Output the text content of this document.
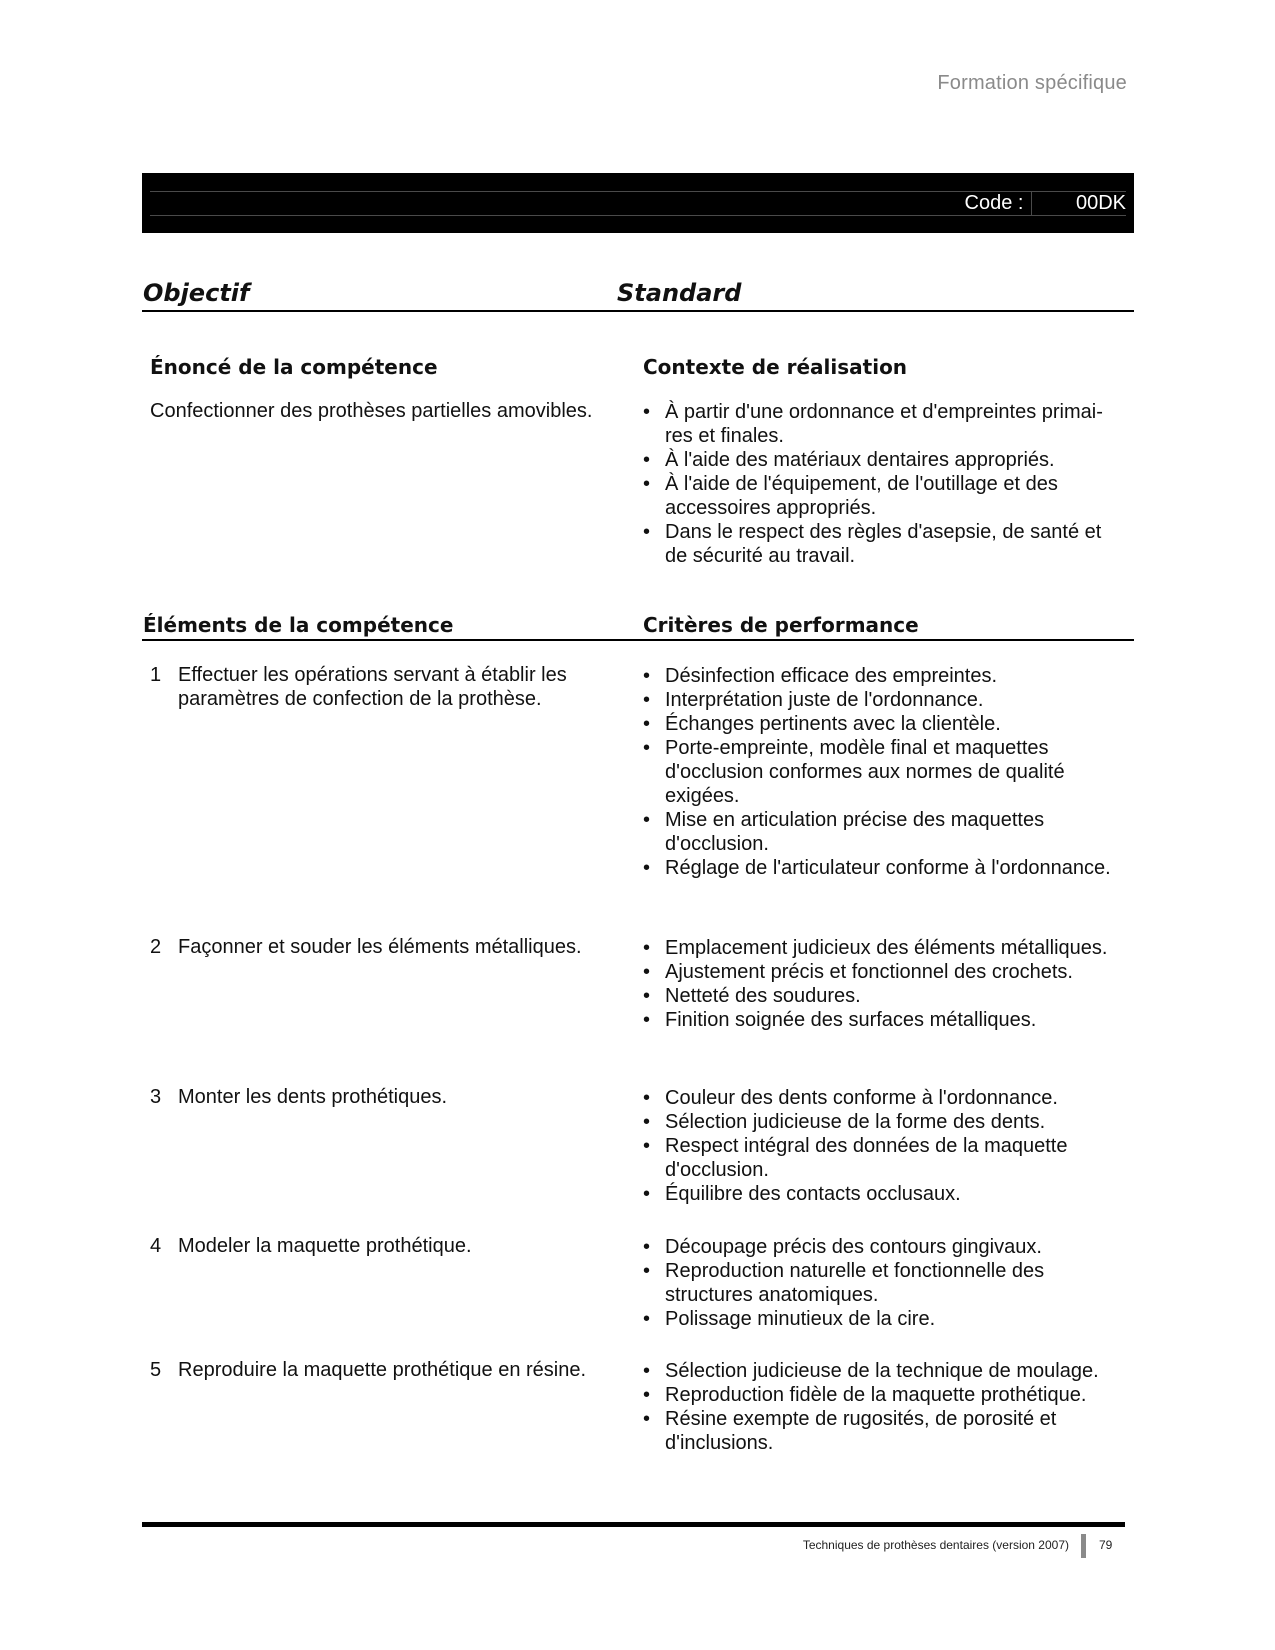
Formation spécifique
Code :	00DK
Objectif	Standard
Énoncé de la compétence	Contexte de réalisation
Confectionner des prothèses partielles amovibles.	• À partir d'une ordonnance et d'empreintes primai-res et finales.
• À l'aide des matériaux dentaires appropriés.
• À l'aide de l'équipement, de l'outillage et des accessoires appropriés.
• Dans le respect des règles d'asepsie, de santé et de sécurité au travail.
Éléments de la compétence	Critères de performance
1 Effectuer les opérations servant à établir les paramètres de confection de la prothèse.
• Désinfection efficace des empreintes.
• Interprétation juste de l'ordonnance.
• Échanges pertinents avec la clientèle.
• Porte-empreinte, modèle final et maquettes d'occlusion conformes aux normes de qualité exigées.
• Mise en articulation précise des maquettes d'occlusion.
• Réglage de l'articulateur conforme à l'ordonnance.
2 Façonner et souder les éléments métalliques.	• Emplacement judicieux des éléments métalliques.
• Ajustement précis et fonctionnel des crochets.
• Netteté des soudures.
• Finition soignée des surfaces métalliques.
3 Monter les dents prothétiques.	• Couleur des dents conforme à l'ordonnance.
• Sélection judicieuse de la forme des dents.
• Respect intégral des données de la maquette d'occlusion.
• Équilibre des contacts occlusaux.
4 Modeler la maquette prothétique.	• Découpage précis des contours gingivaux.
• Reproduction naturelle et fonctionnelle des structures anatomiques.
• Polissage minutieux de la cire.
5 Reproduire la maquette prothétique en résine.	• Sélection judicieuse de la technique de moulage.
• Reproduction fidèle de la maquette prothétique.
• Résine exempte de rugosités, de porosité et d'inclusions.
Techniques de prothèses dentaires (version 2007)	79
